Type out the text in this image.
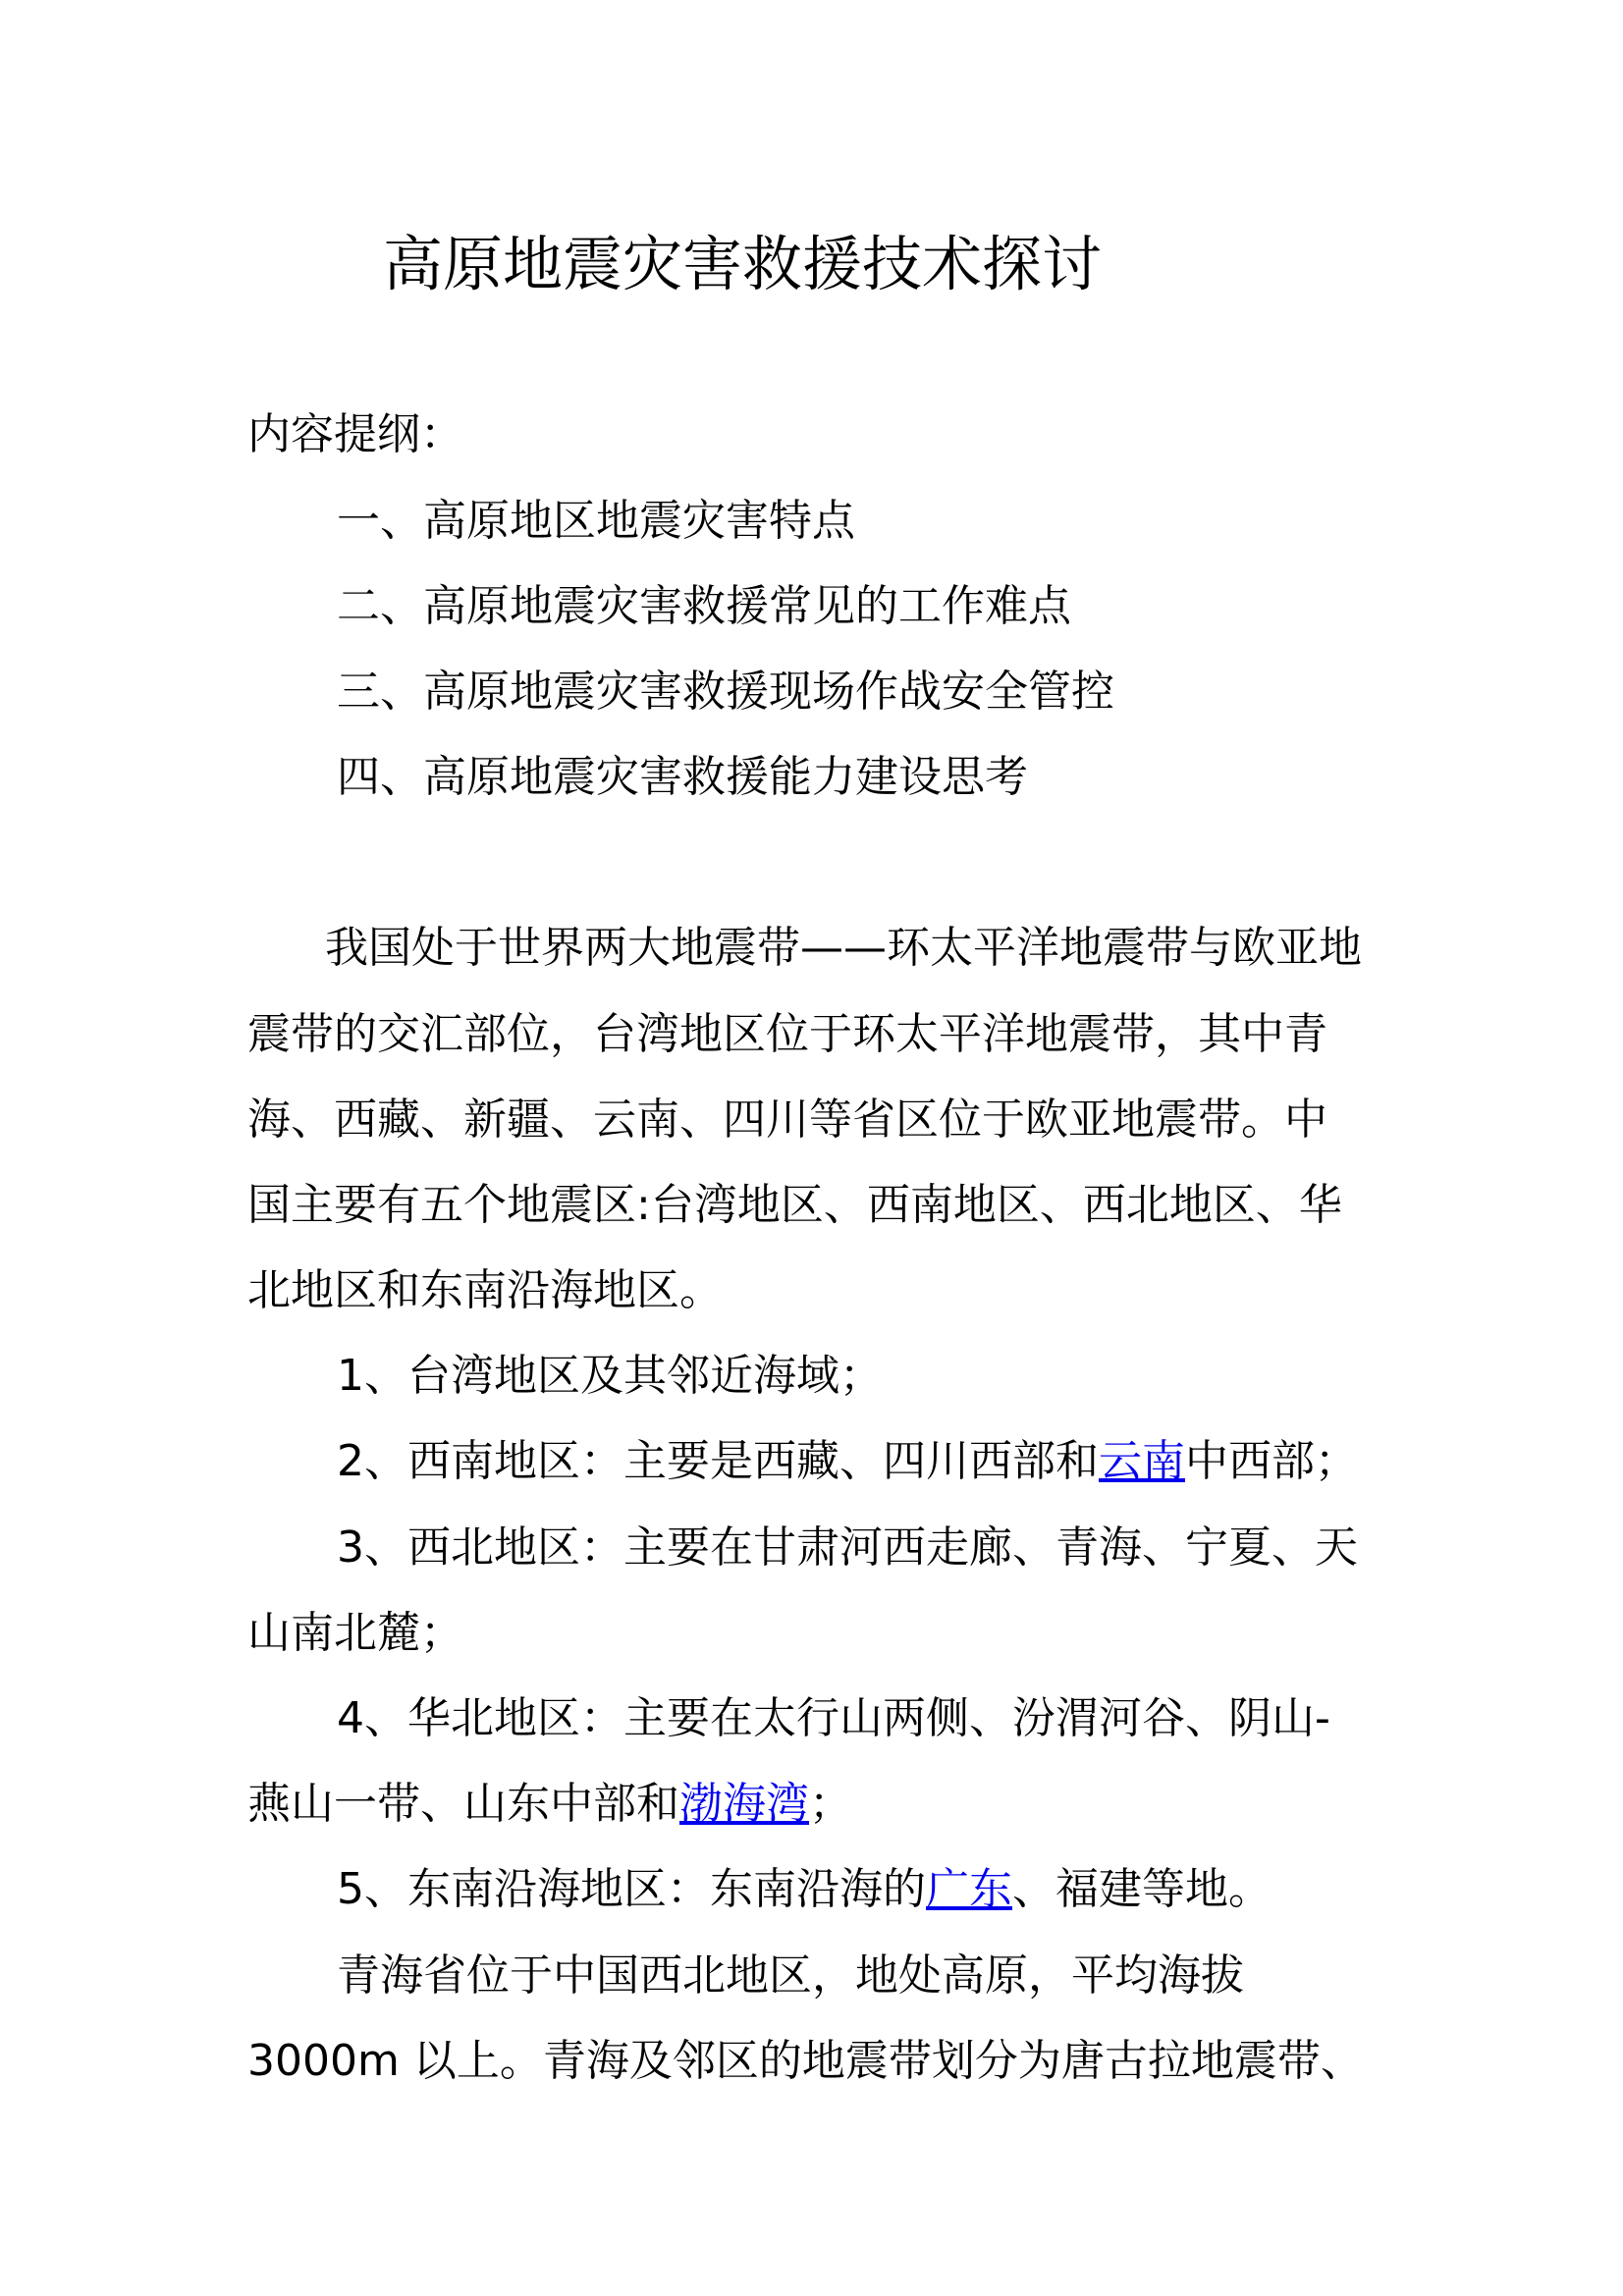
高原地震灾害救援技术探讨
内容提纲：
一、高原地区地震灾害特点
二、高原地震灾害救援常见的工作难点
三、高原地震灾害救援现场作战安全管控
四、高原地震灾害救援能力建设思考
我国处于世界两大地震带——环太平洋地震带与欧亚地
震带的交汇部位，台湾地区位于环太平洋地震带，其中青
海、西藏、新疆、云南、四川等省区位于欧亚地震带。中
国主要有五个地震区:台湾地区、西南地区、西北地区、华
北地区和东南沿海地区。
1、台湾地区及其邻近海域；
2、西南地区：主要是西藏、四川西部和云南中西部；
3、西北地区：主要在甘肃河西走廊、青海、宁夏、天
山南北麓；
4、华北地区：主要在太行山两侧、汾渭河谷、阴山-
燕山一带、山东中部和渤海湾；
5、东南沿海地区：东南沿海的广东、福建等地。
青海省位于中国西北地区，地处高原，平均海拔
3000m 以上。青海及邻区的地震带划分为唐古拉地震带、
